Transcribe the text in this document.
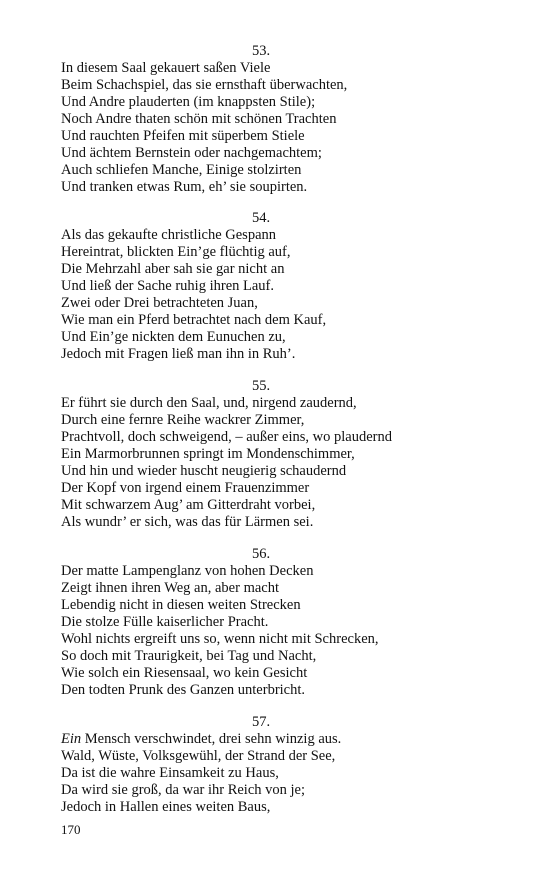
53.
In diesem Saal gekauert saßen Viele
Beim Schachspiel, das sie ernsthaft überwachten,
Und Andre plauderten (im knappsten Stile);
Noch Andre thaten schön mit schönen Trachten
Und rauchten Pfeifen mit süperbem Stiele
Und ächtem Bernstein oder nachgemachtem;
Auch schliefen Manche, Einige stolzirten
Und tranken etwas Rum, eh’ sie soupirten.
54.
Als das gekaufte christliche Gespann
Hereintrat, blickten Ein’ge flüchtig auf,
Die Mehrzahl aber sah sie gar nicht an
Und ließ der Sache ruhig ihren Lauf.
Zwei oder Drei betrachteten Juan,
Wie man ein Pferd betrachtet nach dem Kauf,
Und Ein’ge nickten dem Eunuchen zu,
Jedoch mit Fragen ließ man ihn in Ruh’.
55.
Er führt sie durch den Saal, und, nirgend zaudernd,
Durch eine fernre Reihe wackrer Zimmer,
Prachtvoll, doch schweigend, – außer eins, wo plaudernd
Ein Marmorbrunnen springt im Mondenschimmer,
Und hin und wieder huscht neugierig schaudernd
Der Kopf von irgend einem Frauenzimmer
Mit schwarzem Aug’ am Gitterdraht vorbei,
Als wundr’ er sich, was das für Lärmen sei.
56.
Der matte Lampenglanz von hohen Decken
Zeigt ihnen ihren Weg an, aber macht
Lebendig nicht in diesen weiten Strecken
Die stolze Fülle kaiserlicher Pracht.
Wohl nichts ergreift uns so, wenn nicht mit Schrecken,
So doch mit Traurigkeit, bei Tag und Nacht,
Wie solch ein Riesensaal, wo kein Gesicht
Den todten Prunk des Ganzen unterbricht.
57.
Ein Mensch verschwindet, drei sehn winzig aus.
Wald, Wüste, Volksgewühl, der Strand der See,
Da ist die wahre Einsamkeit zu Haus,
Da wird sie groß, da war ihr Reich von je;
Jedoch in Hallen eines weiten Baus,
170
